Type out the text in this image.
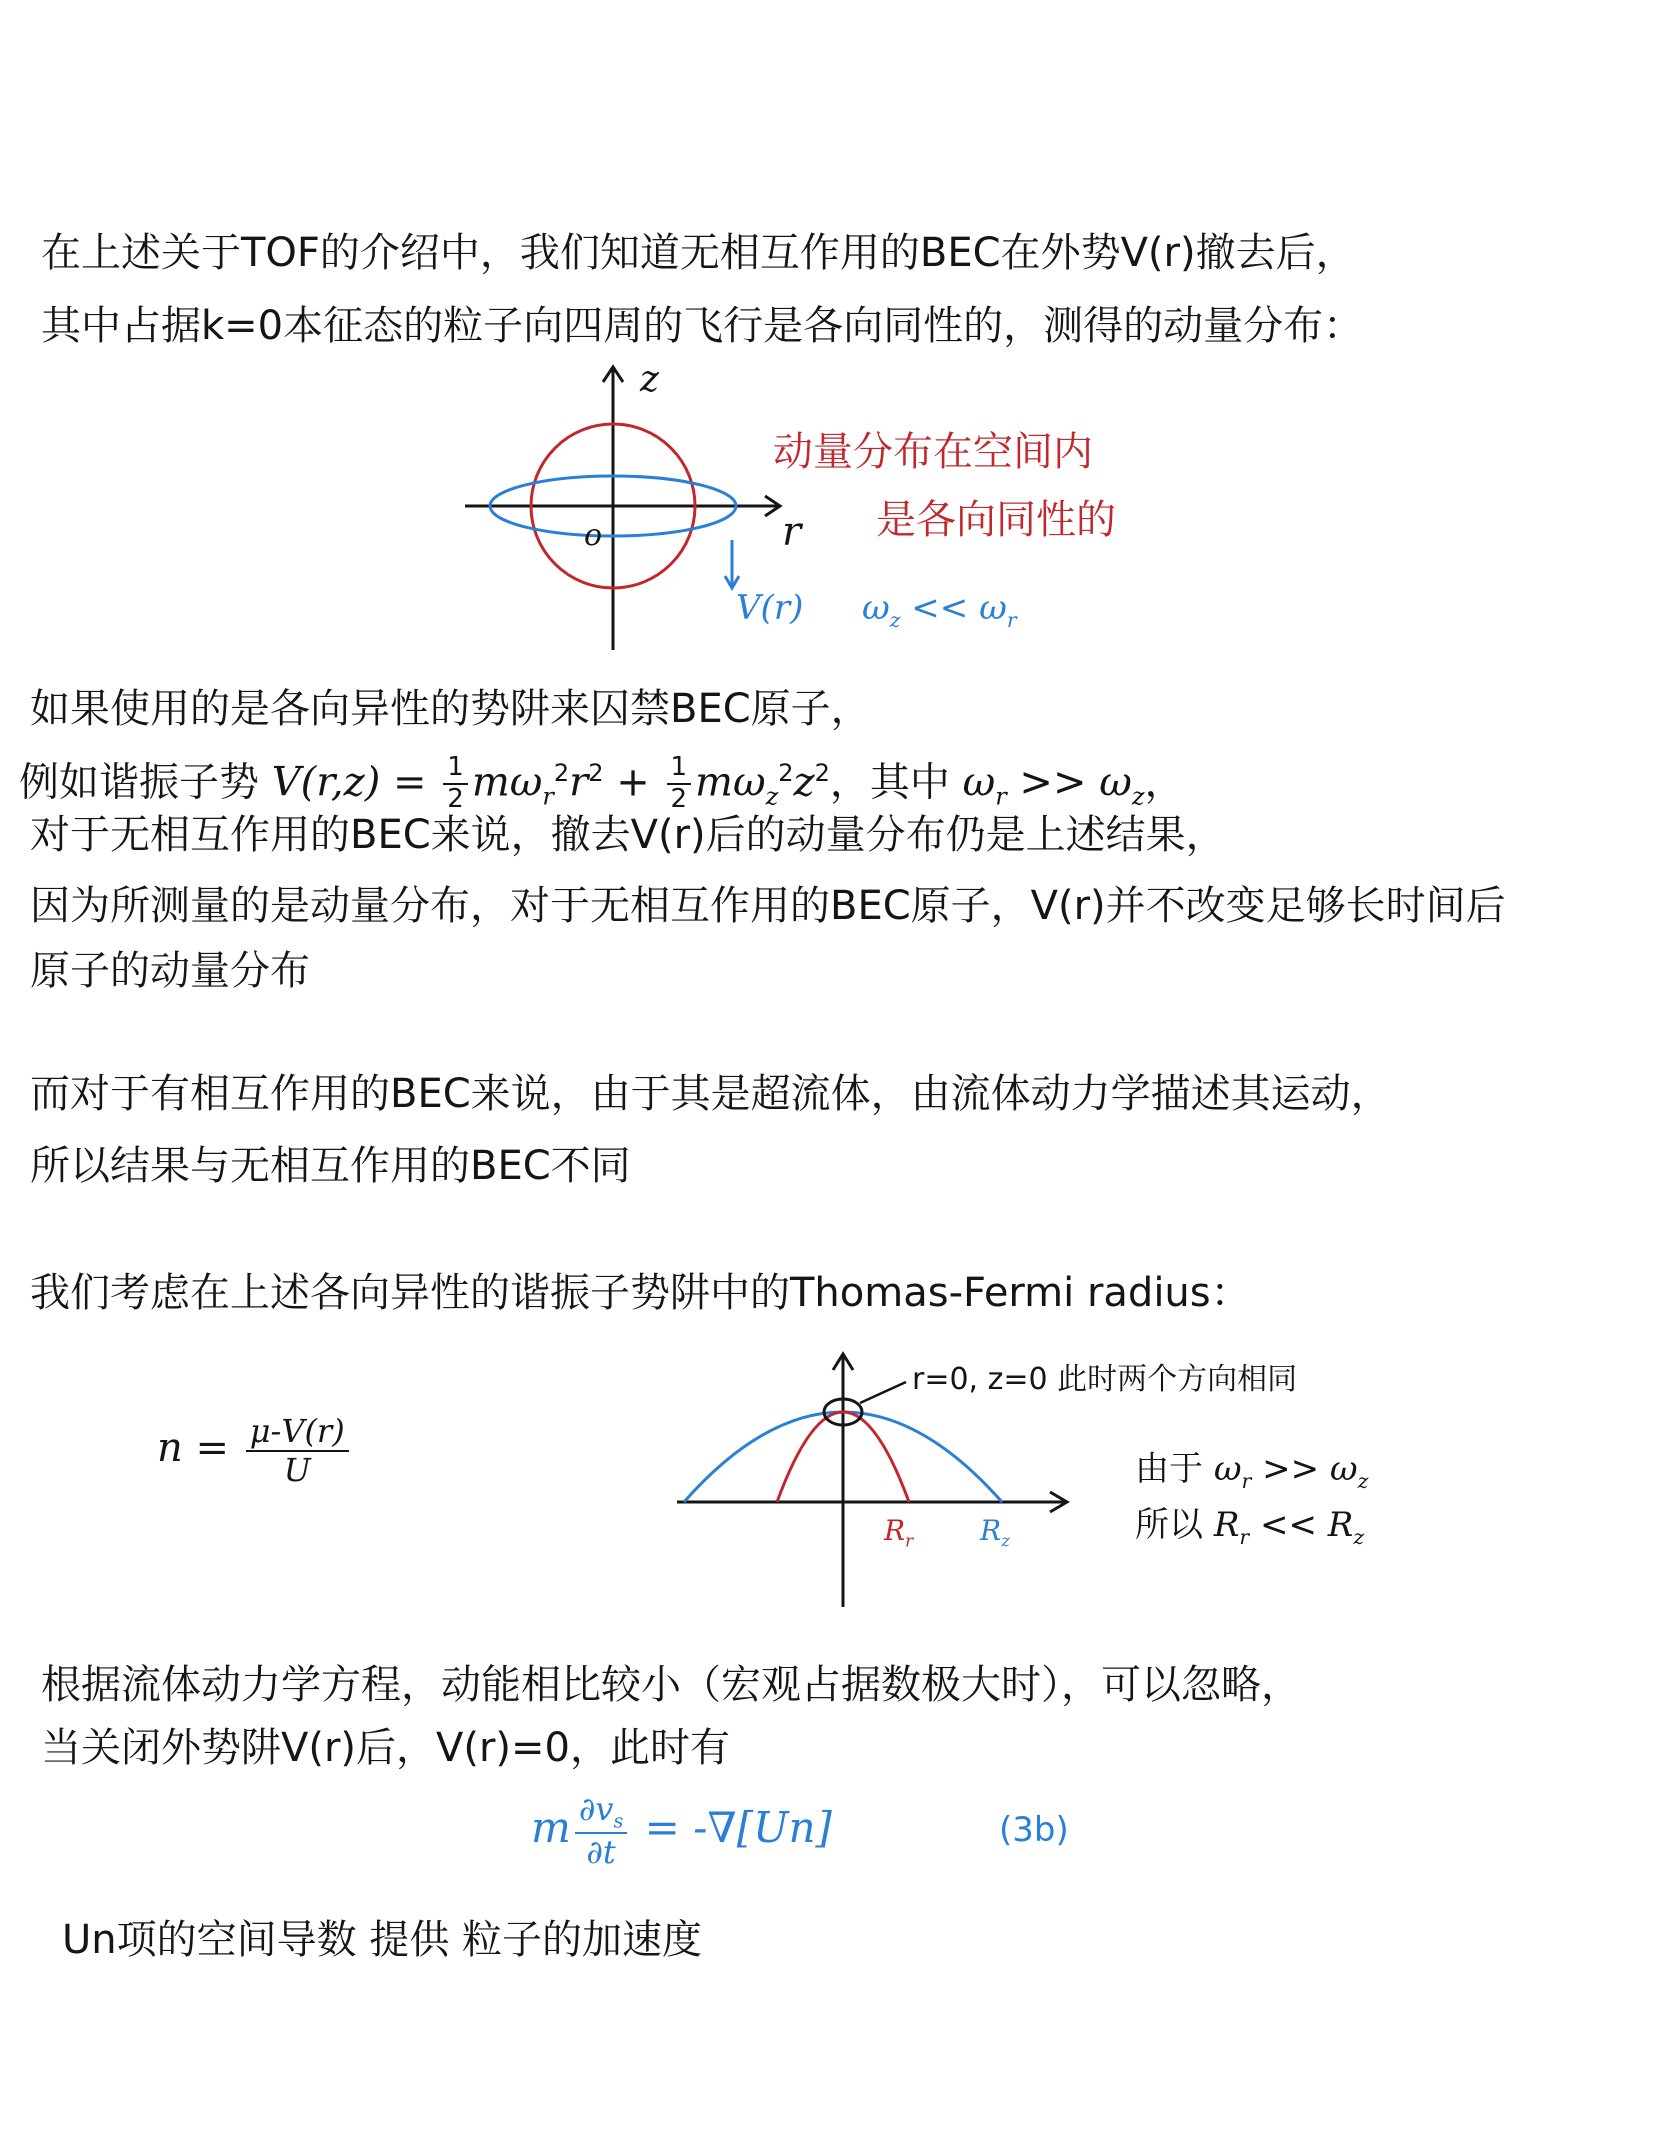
在上述关于TOF的介绍中，我们知道无相互作用的BEC在外势V(r)撤去后，
其中占据k=0本征态的粒子向四周的飞行是各向同性的，测得的动量分布：
z
o	r
V(r) $\omega_z << \omega_r$
动量分布在空间内
是各向同性的
如果使用的是各向异性的势阱来囚禁BEC原子，
例如谐振子势 $V(r,z) = \frac{1}{2} m\omega_r^2r^2 + \frac{1}{2} m\omega_z^2z^2$，其中 $\omega_r >> \omega_z$，
对于无相互作用的BEC来说，撤去V(r)后的动量分布仍是上述结果，
因为所测量的是动量分布，对于无相互作用的BEC原子，V(r)并不改变足够长时间后
原子的动量分布
而对于有相互作用的BEC来说，由于其是超流体，由流体动力学描述其运动，
所以结果与无相互作用的BEC不同
我们考虑在上述各向异性的谐振子势阱中的Thomas-Fermi radius：
$n = \frac{\mu-V(r)}{U}$
r=0, z=0 此时两个方向相同
$R_r$ $R_z$
由于 $\omega_r >> \omega_z$
所以 $R_r << R_z$
根据流体动力学方程，动能相比较小（宏观占据数极大时），可以忽略，
当关闭外势阱V(r)后，V(r)=0，此时有
m $\frac{\partial v_s}{\partial t} = -\nabla[Un]$	(3b)
Un项的空间导数 提供 粒子的加速度
